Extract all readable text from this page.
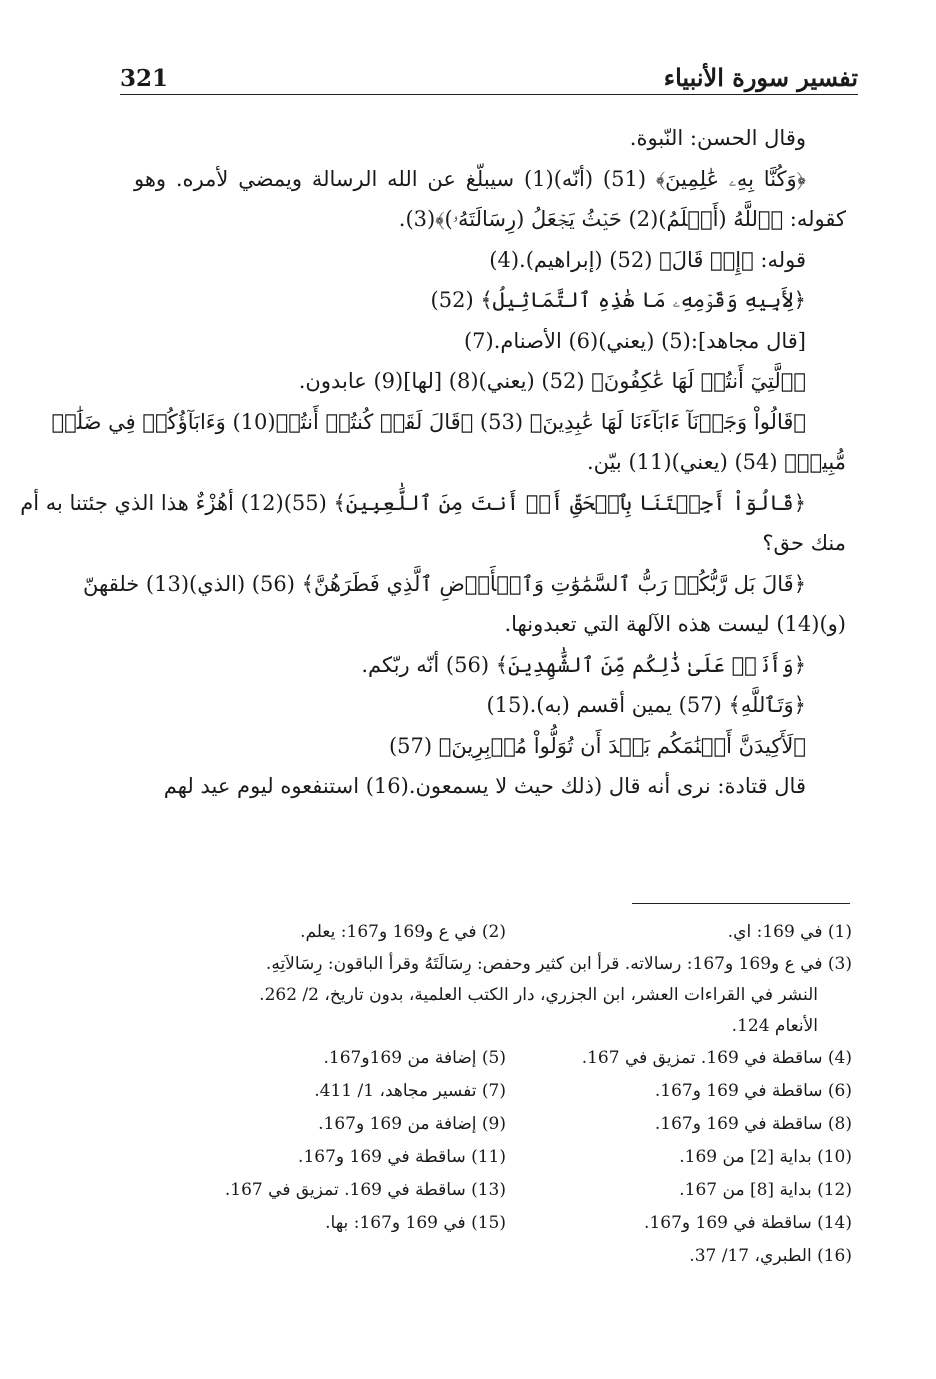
تفسير سورة الأنبياء
321
وقال الحسن: النّبوة.
﴿وَكُنَّا بِهِۦ عَٰلِمِينَ﴾ (51) (أنّه)(1) سيبلّغ عن الله الرسالة ويمضي لأمره. وهو
كقوله: ﴿ٱللَّهُ (أَعۡلَمُ)(2) حَيۡثُ يَجۡعَلُ (رِسَالَتَهُۥ)﴾(3).
قوله: ﴿إِذۡ قَالَ﴾ (52) (إبراهيم).(4)
﴿لِأَبِيهِ وَقَوۡمِهِۦ مَا هَٰذِهِ ٱلتَّمَاثِيلُ﴾ (52)
[قال مجاهد]:(5) (يعني)(6) الأصنام.(7)
﴿ٱلَّتِيٓ أَنتُمۡ لَهَا عَٰكِفُونَ﴾ (52) (يعني)(8) [لها](9) عابدون.
﴿قَالُواْ وَجَدۡنَآ ءَابَآءَنَا لَهَا عَٰبِدِينَ﴾ (53) ﴿قَالَ لَقَدۡ كُنتُمۡ أَنتُمۡ(10) وَءَابَآؤُكُمۡ فِي ضَلَٰلٖ
مُّبِينٖ﴾ (54) (يعني)(11) بيّن.
﴿قَالُوٓاْ أَجِئۡتَنَا بِٱلۡحَقِّ أَمۡ أَنتَ مِنَ ٱللَّٰعِبِينَ﴾ (55)(12) أهُزْءٌ هذا الذي جئتنا به أم
منك حق؟
﴿قَالَ بَل رَّبُّكُمۡ رَبُّ ٱلسَّمَٰوَٰتِ وَٱلۡأَرۡضِ ٱلَّذِي فَطَرَهُنَّ﴾ (56) (الذي)(13) خلقهنّ
(و)(14) ليست هذه الآلهة التي تعبدونها.
﴿وَأَنَا۠ عَلَىٰ ذَٰلِكُم مِّنَ ٱلشَّٰهِدِينَ﴾ (56) أنّه ربّكم.
﴿وَتَٱللَّهِ﴾ (57) يمين أقسم (به).(15)
﴿لَأَكِيدَنَّ أَصۡنَٰمَكُم بَعۡدَ أَن تُوَلُّواْ مُدۡبِرِينَ﴾ (57)
قال قتادة: نرى أنه قال (ذلك حيث لا يسمعون.(16) استنفعوه ليوم عيد لهم
(1) في 169: اي.
(2) في ع و169 و167: يعلم.
(3) في ع و169 و167: رسالاته. قرأ ابن كثير وحفص: رِسَالَتَهُ وقرأ الباقون: رِسَالاَتِهِ.
النشر في القراءات العشر، ابن الجزري، دار الكتب العلمية، بدون تاريخ، 2/ 262.
الأنعام 124.
(4) ساقطة في 169. تمزيق في 167.
(5) إضافة من 169و167.
(6) ساقطة في 169 و167.
(7) تفسير مجاهد، 1/ 411.
(8) ساقطة في 169 و167.
(9) إضافة من 169 و167.
(10) بداية [2] من 169.
(11) ساقطة في 169 و167.
(12) بداية [8] من 167.
(13) ساقطة في 169. تمزيق في 167.
(14) ساقطة في 169 و167.
(15) في 169 و167: بها.
(16) الطبري، 17/ 37.
